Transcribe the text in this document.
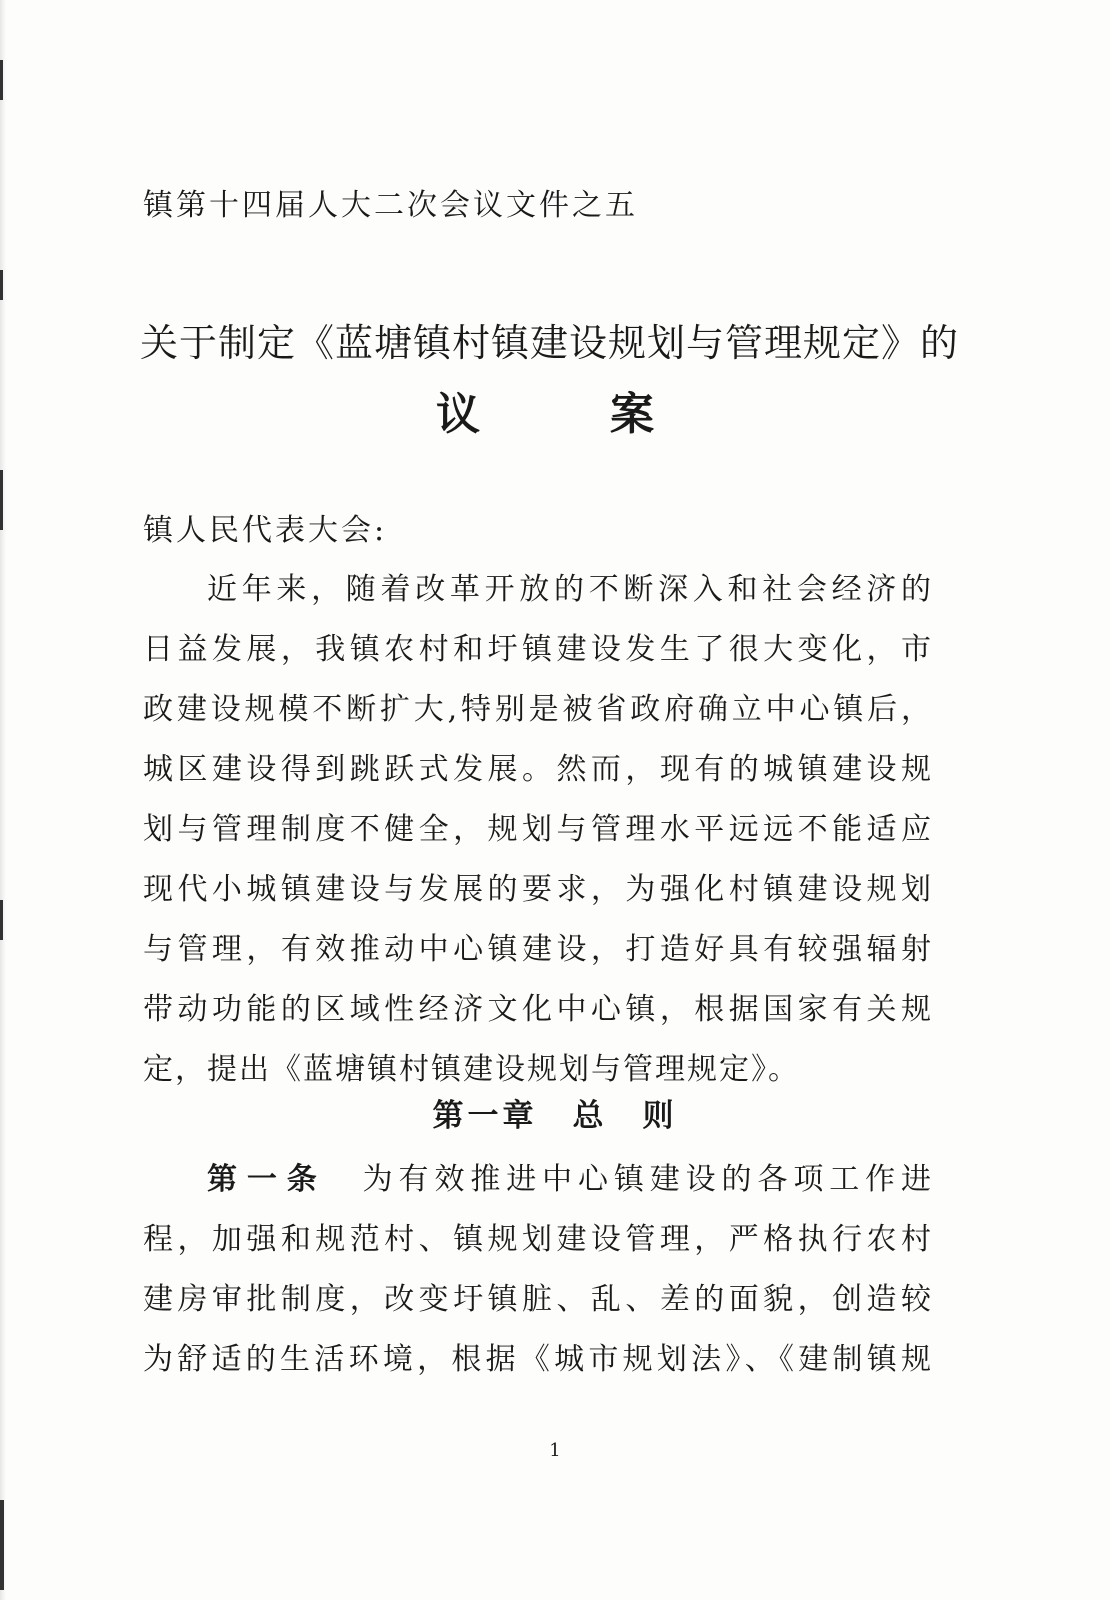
镇第十四届人大二次会议文件之五
关于制定《蓝塘镇村镇建设规划与管理规定》的
议案
镇人民代表大会:
近年来，随着改革开放的不断深入和社会经济的
日益发展，我镇农村和圩镇建设发生了很大变化，市
政建设规模不断扩大,特别是被省政府确立中心镇后，
城区建设得到跳跃式发展。然而，现有的城镇建设规
划与管理制度不健全，规划与管理水平远远不能适应
现代小城镇建设与发展的要求，为强化村镇建设规划
与管理，有效推动中心镇建设，打造好具有较强辐射
带动功能的区域性经济文化中心镇，根据国家有关规
定，提出《蓝塘镇村镇建设规划与管理规定》。
第一章　总　则
第一条 为有效推进中心镇建设的各项工作进
程，加强和规范村、镇规划建设管理，严格执行农村
建房审批制度，改变圩镇脏、乱、差的面貌，创造较
为舒适的生活环境，根据《城市规划法》、《建制镇规
1
